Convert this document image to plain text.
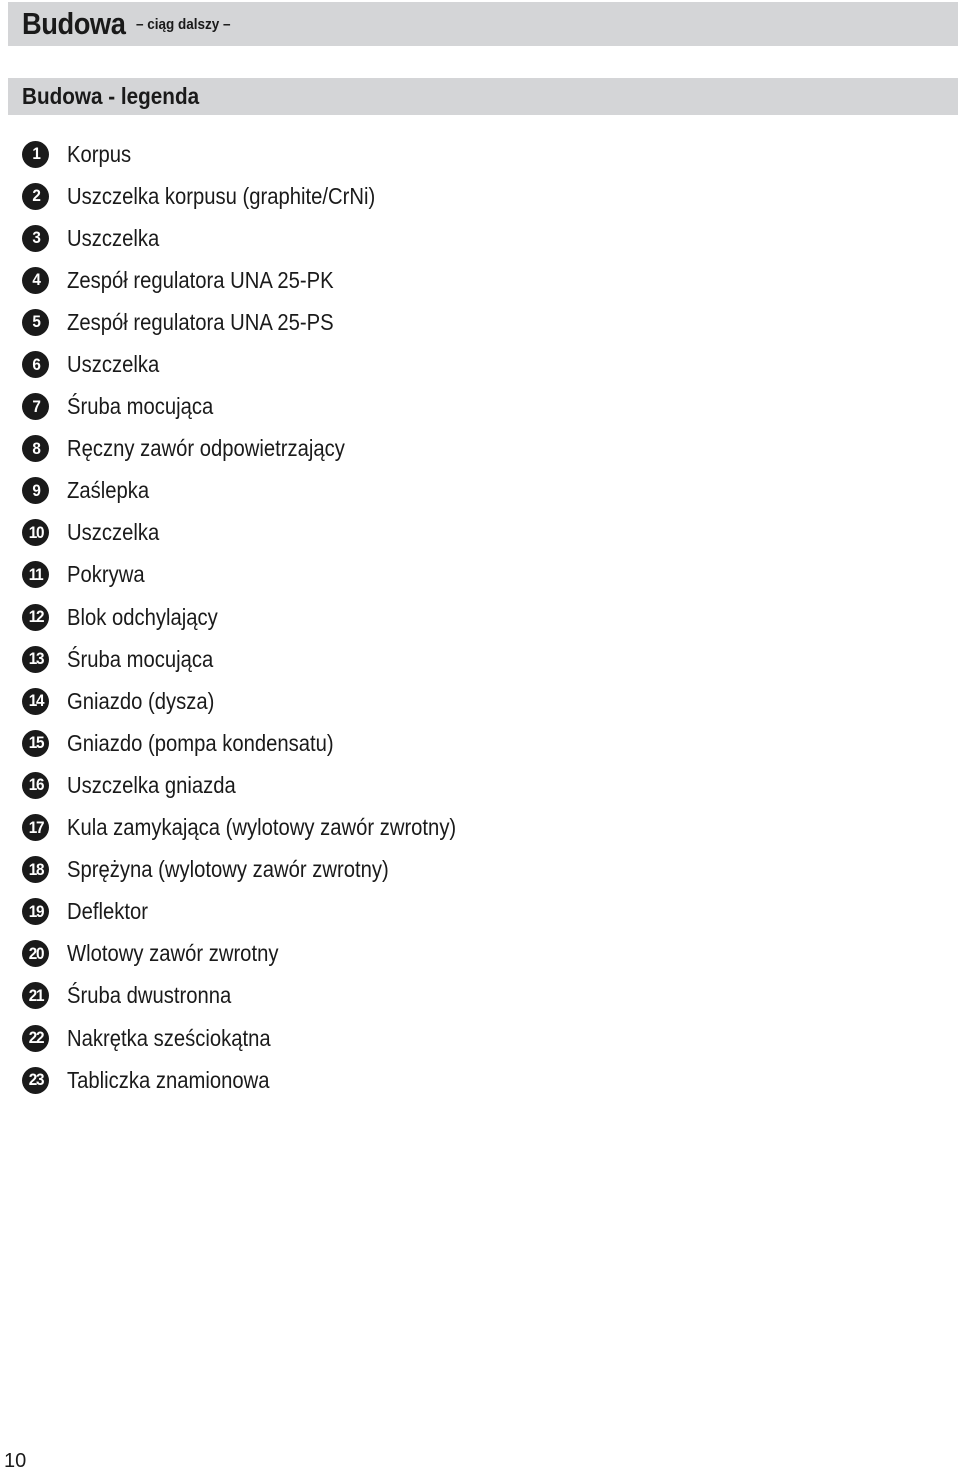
Budowa – ciąg dalszy –
Budowa - legenda
1 Korpus
2 Uszczelka korpusu (graphite/CrNi)
3 Uszczelka
4 Zespół regulatora UNA 25-PK
5 Zespół regulatora UNA 25-PS
6 Uszczelka
7 Śruba mocująca
8 Ręczny zawór odpowietrzający
9 Zaślepka
10 Uszczelka
11 Pokrywa
12 Blok odchylający
13 Śruba mocująca
14 Gniazdo (dysza)
15 Gniazdo (pompa kondensatu)
16 Uszczelka gniazda
17 Kula zamykająca (wylotowy zawór zwrotny)
18 Sprężyna (wylotowy zawór zwrotny)
19 Deflektor
20 Wlotowy zawór zwrotny
21 Śruba dwustronna
22 Nakrętka sześciokątna
23 Tabliczka znamionowa
10
